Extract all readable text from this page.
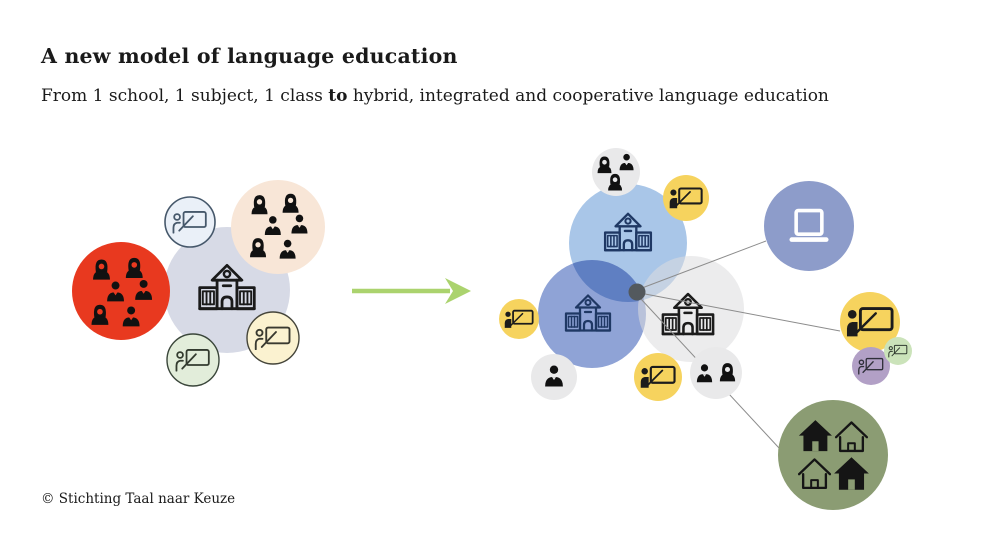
A new model of language education
From 1 school, 1 subject, 1 class to hybrid, integrated and cooperative language education
© Stichting Taal naar Keuze
